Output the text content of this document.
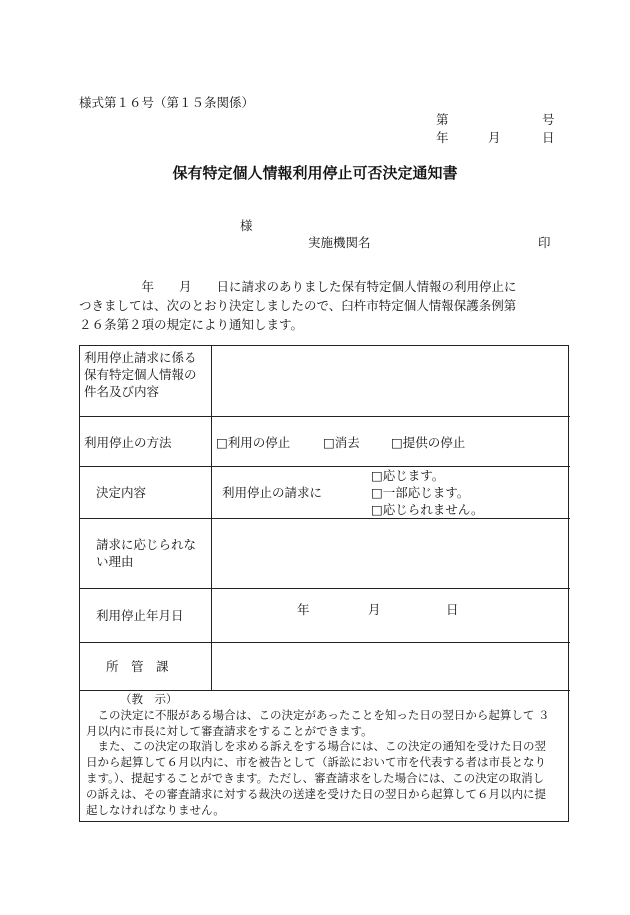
様式第１６号（第１５条関係）
第	号
年	月	日
保有特定個人情報利用停止可否決定通知書
様
実施機関名	印
　　　　　年　　月　　日に請求のありました保有特定個人情報の利用停止に
つきましては、次のとおり決定しましたので、臼杵市特定個人情報保護条例第
２６条第２項の規定により通知します。
利用停止請求に係る
保有特定個人情報の
件名及び内容
利用停止の方法	□利用の停止	□消去 □提供の停止
決定内容	利用停止の請求に
□応じます。
□一部応じます。
□応じられません。
請求に応じられな
い理由
利用停止年月日	年	月	日
所　管　課
（教　示）
　この決定に不服がある場合は、この決定があったことを知った日の翌日から起算して ３
月以内に市長に対して審査請求をすることができます。
　また、この決定の取消しを求める訴えをする場合には、この決定の通知を受けた日の翌
日から起算して６月以内に、市を被告として（訴訟において市を代表する者は市長となり
ます。）、提起することができます。ただし、審査請求をした場合には、この決定の取消し
の訴えは、その審査請求に対する裁決の送達を受けた日の翌日から起算して６月以内に提
起しなければなりません。
